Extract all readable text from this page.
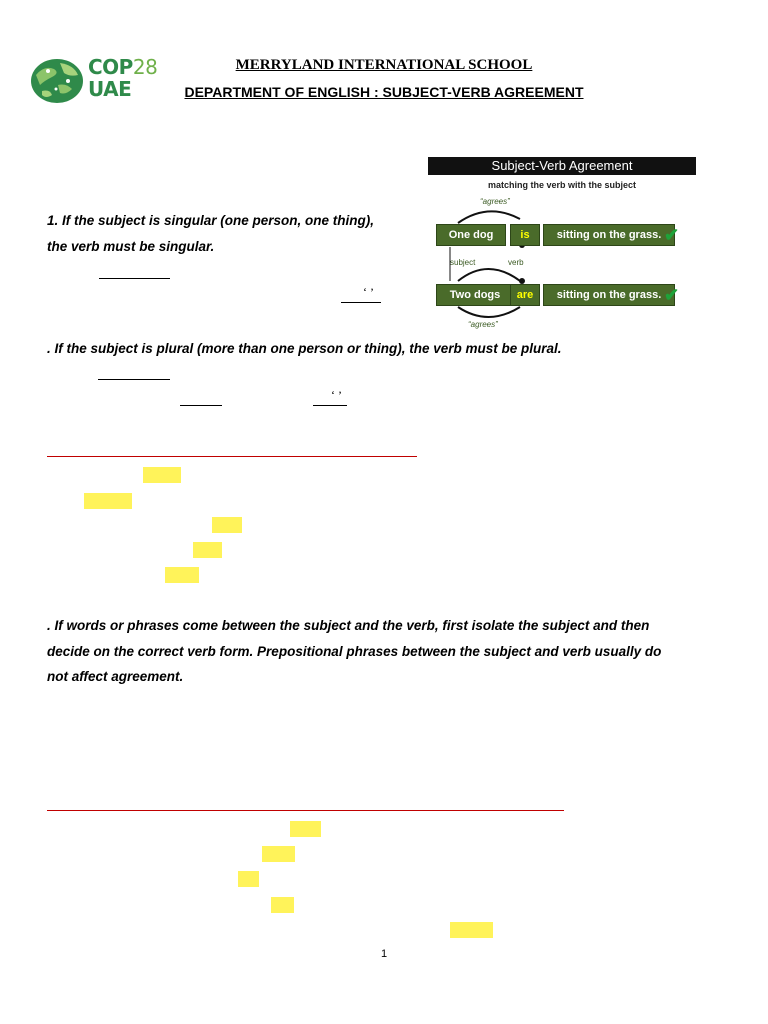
COP28
UAE
MERRYLAND INTERNATIONAL SCHOOL
DEPARTMENT OF ENGLISH : SUBJECT-VERB AGREEMENT
Subject-Verb Agreement
matching the verb with the subject
“agrees”
One dog	is	sitting on the grass. ✔
subject	verb
Two dogs	are	sitting on the grass. ✔
“agrees”
1. If the subject is singular (one person, one thing),
the verb must be singular.
‘ ’
. If the subject is plural (more than one person or thing), the verb must be plural.
‘ ’
. If words or phrases come between the subject and the verb, first isolate the subject and then
decide on the correct verb form. Prepositional phrases between the subject and verb usually do
not affect agreement.
1
